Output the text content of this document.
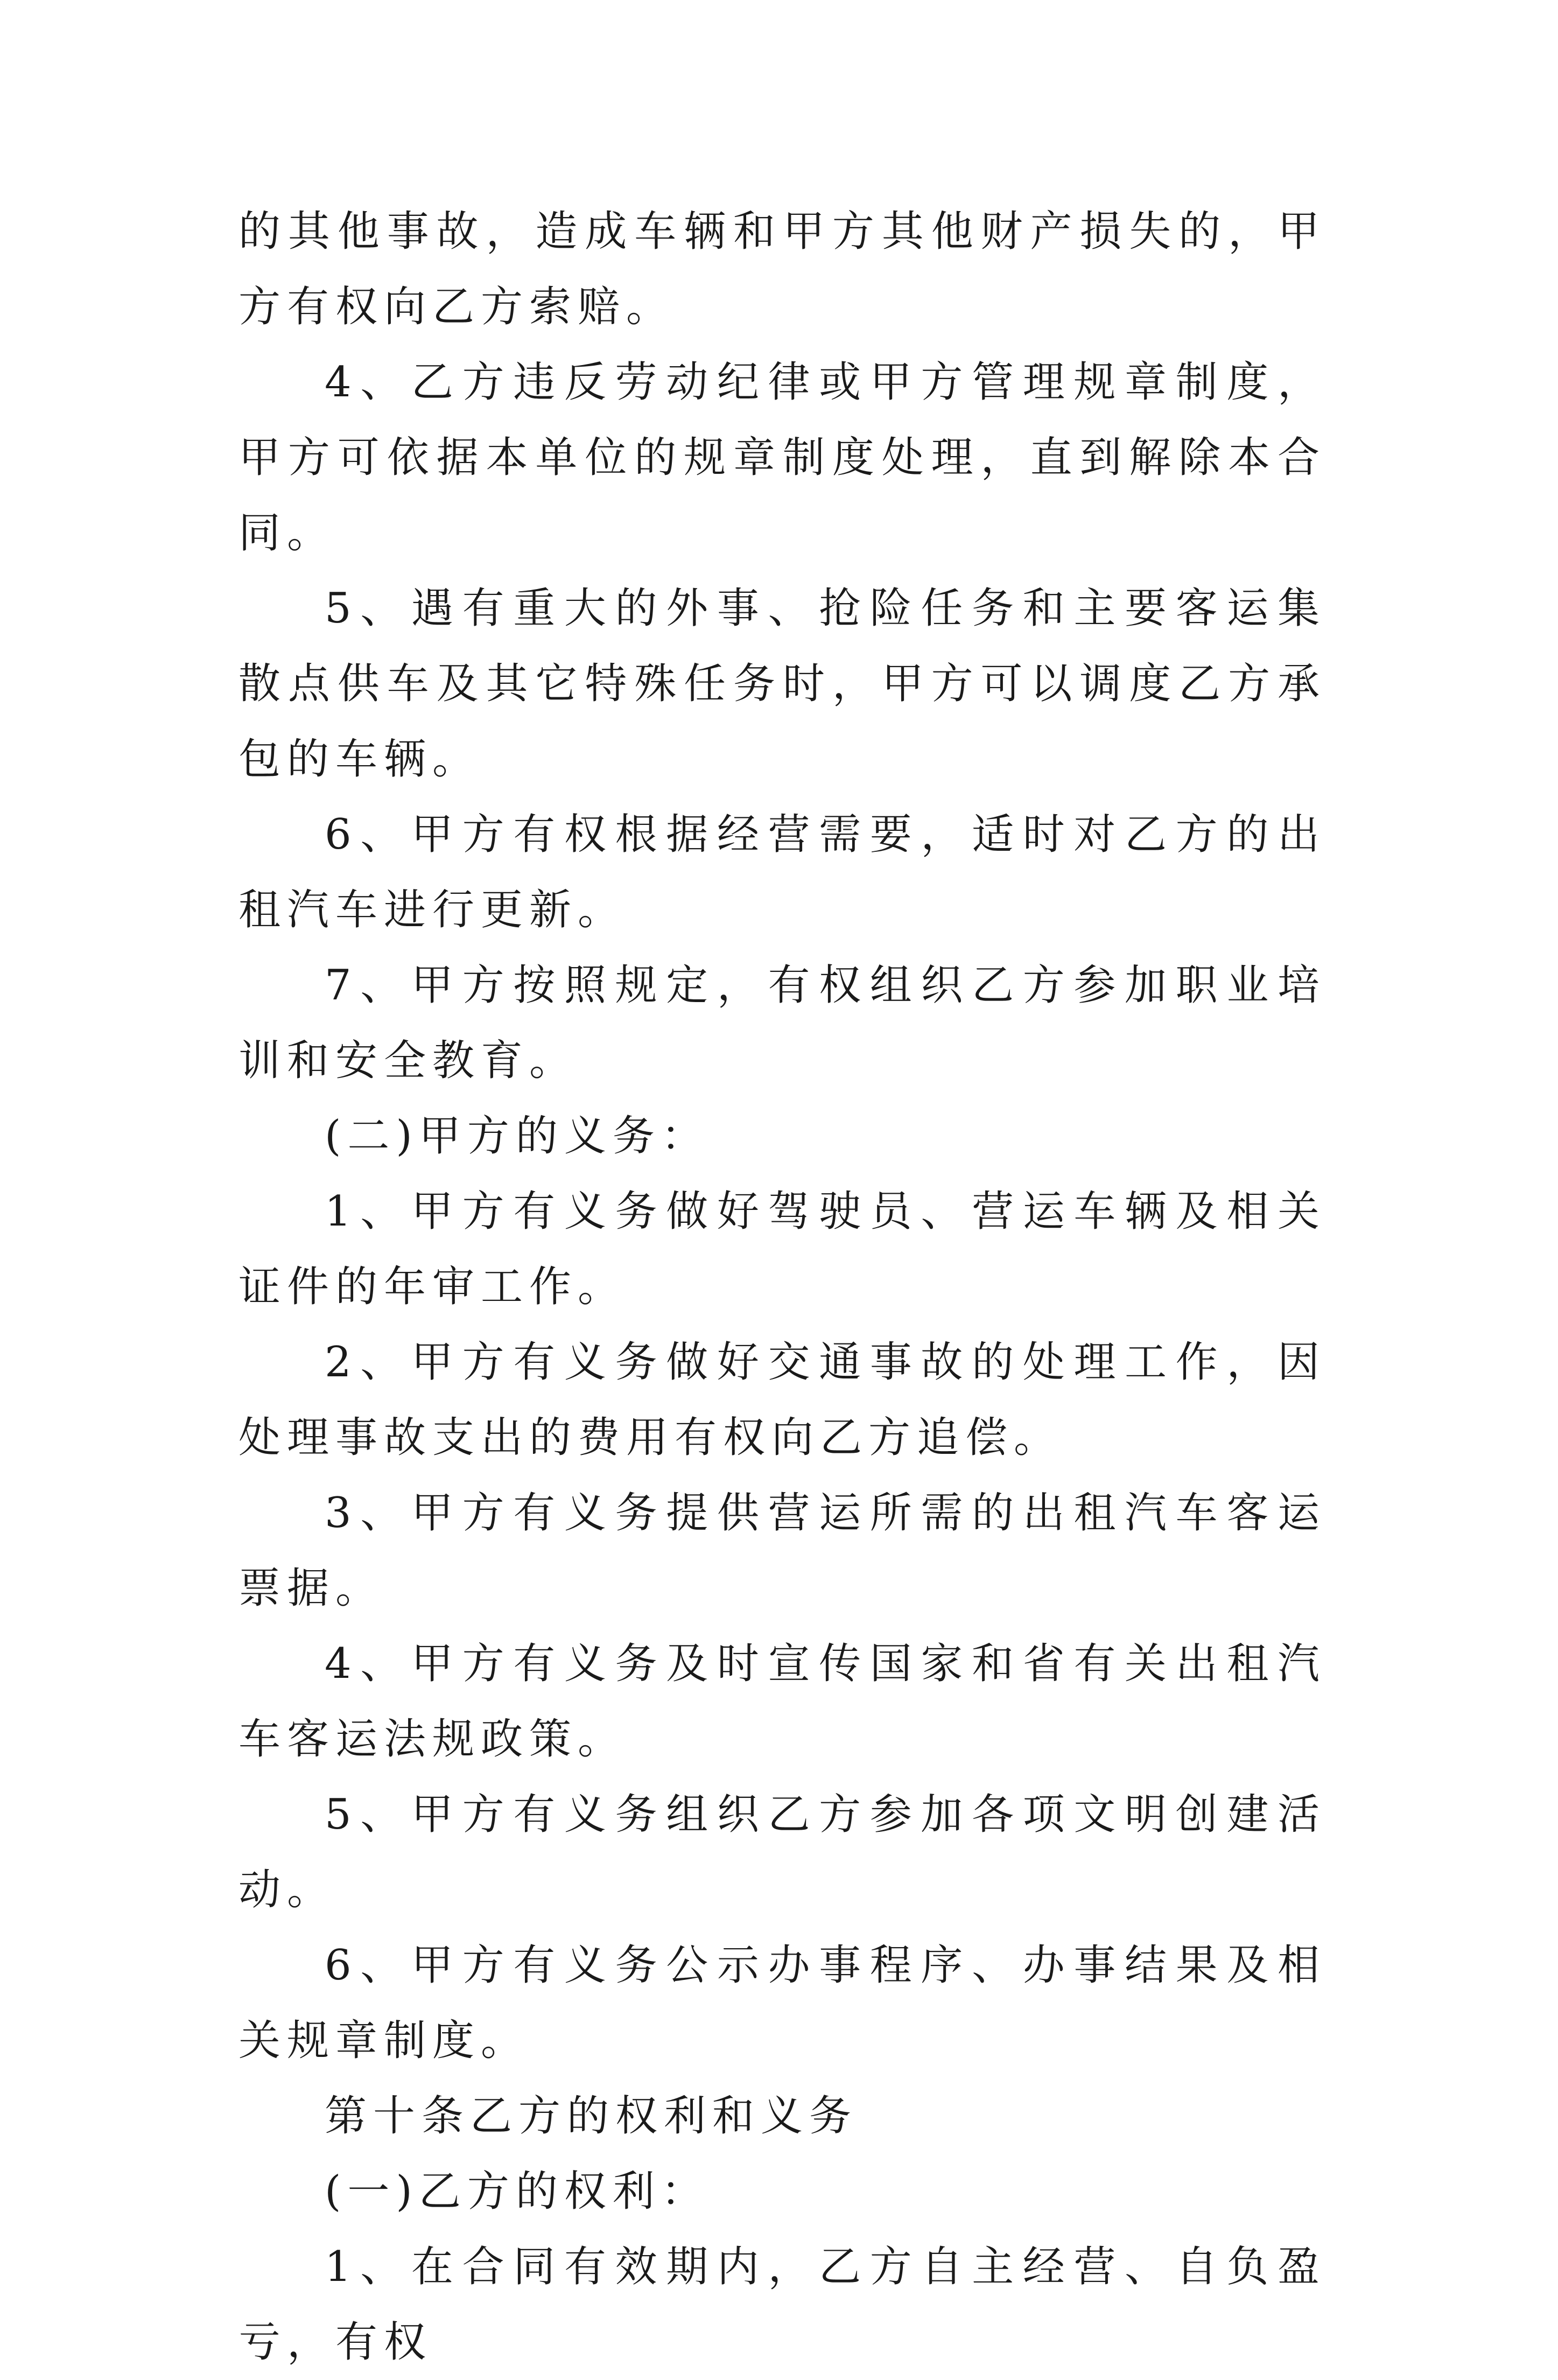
的其他事故，造成车辆和甲方其他财产损失的，甲方有权向乙方索赔。

4、乙方违反劳动纪律或甲方管理规章制度，甲方可依据本单位的规章制度处理，直到解除本合同。

5、遇有重大的外事、抢险任务和主要客运集散点供车及其它特殊任务时，甲方可以调度乙方承包的车辆。

6、甲方有权根据经营需要，适时对乙方的出租汽车进行更新。

7、甲方按照规定，有权组织乙方参加职业培训和安全教育。

(二)甲方的义务：

1、甲方有义务做好驾驶员、营运车辆及相关证件的年审工作。

2、甲方有义务做好交通事故的处理工作，因处理事故支出的费用有权向乙方追偿。

3、甲方有义务提供营运所需的出租汽车客运票据。

4、甲方有义务及时宣传国家和省有关出租汽车客运法规政策。

5、甲方有义务组织乙方参加各项文明创建活动。

6、甲方有义务公示办事程序、办事结果及相关规章制度。

第十条乙方的权利和义务

(一)乙方的权利：

1、在合同有效期内，乙方自主经营、自负盈亏，有权
